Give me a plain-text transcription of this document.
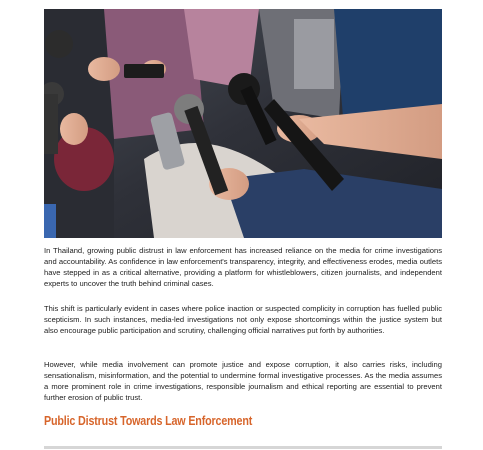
In Thailand, growing public distrust in law enforcement has increased reliance on the media for crime investigations and accountability. As confidence in law enforcement's transparency, integrity, and effectiveness erodes, media outlets have stepped in as a critical alternative, providing a platform for whistleblowers, citizen journalists, and independent experts to uncover the truth behind criminal cases.

This shift is particularly evident in cases where police inaction or suspected complicity in corruption has fuelled public scepticism. In such instances, media-led investigations not only expose shortcomings within the justice system but also encourage public participation and scrutiny, challenging official narratives put forth by authorities.

However, while media involvement can promote justice and expose corruption, it also carries risks, including sensationalism, misinformation, and the potential to undermine formal investigative processes. As the media assumes a more prominent role in crime investigations, responsible journalism and ethical reporting are essential to prevent further erosion of public trust.

Public Distrust Towards Law Enforcement
